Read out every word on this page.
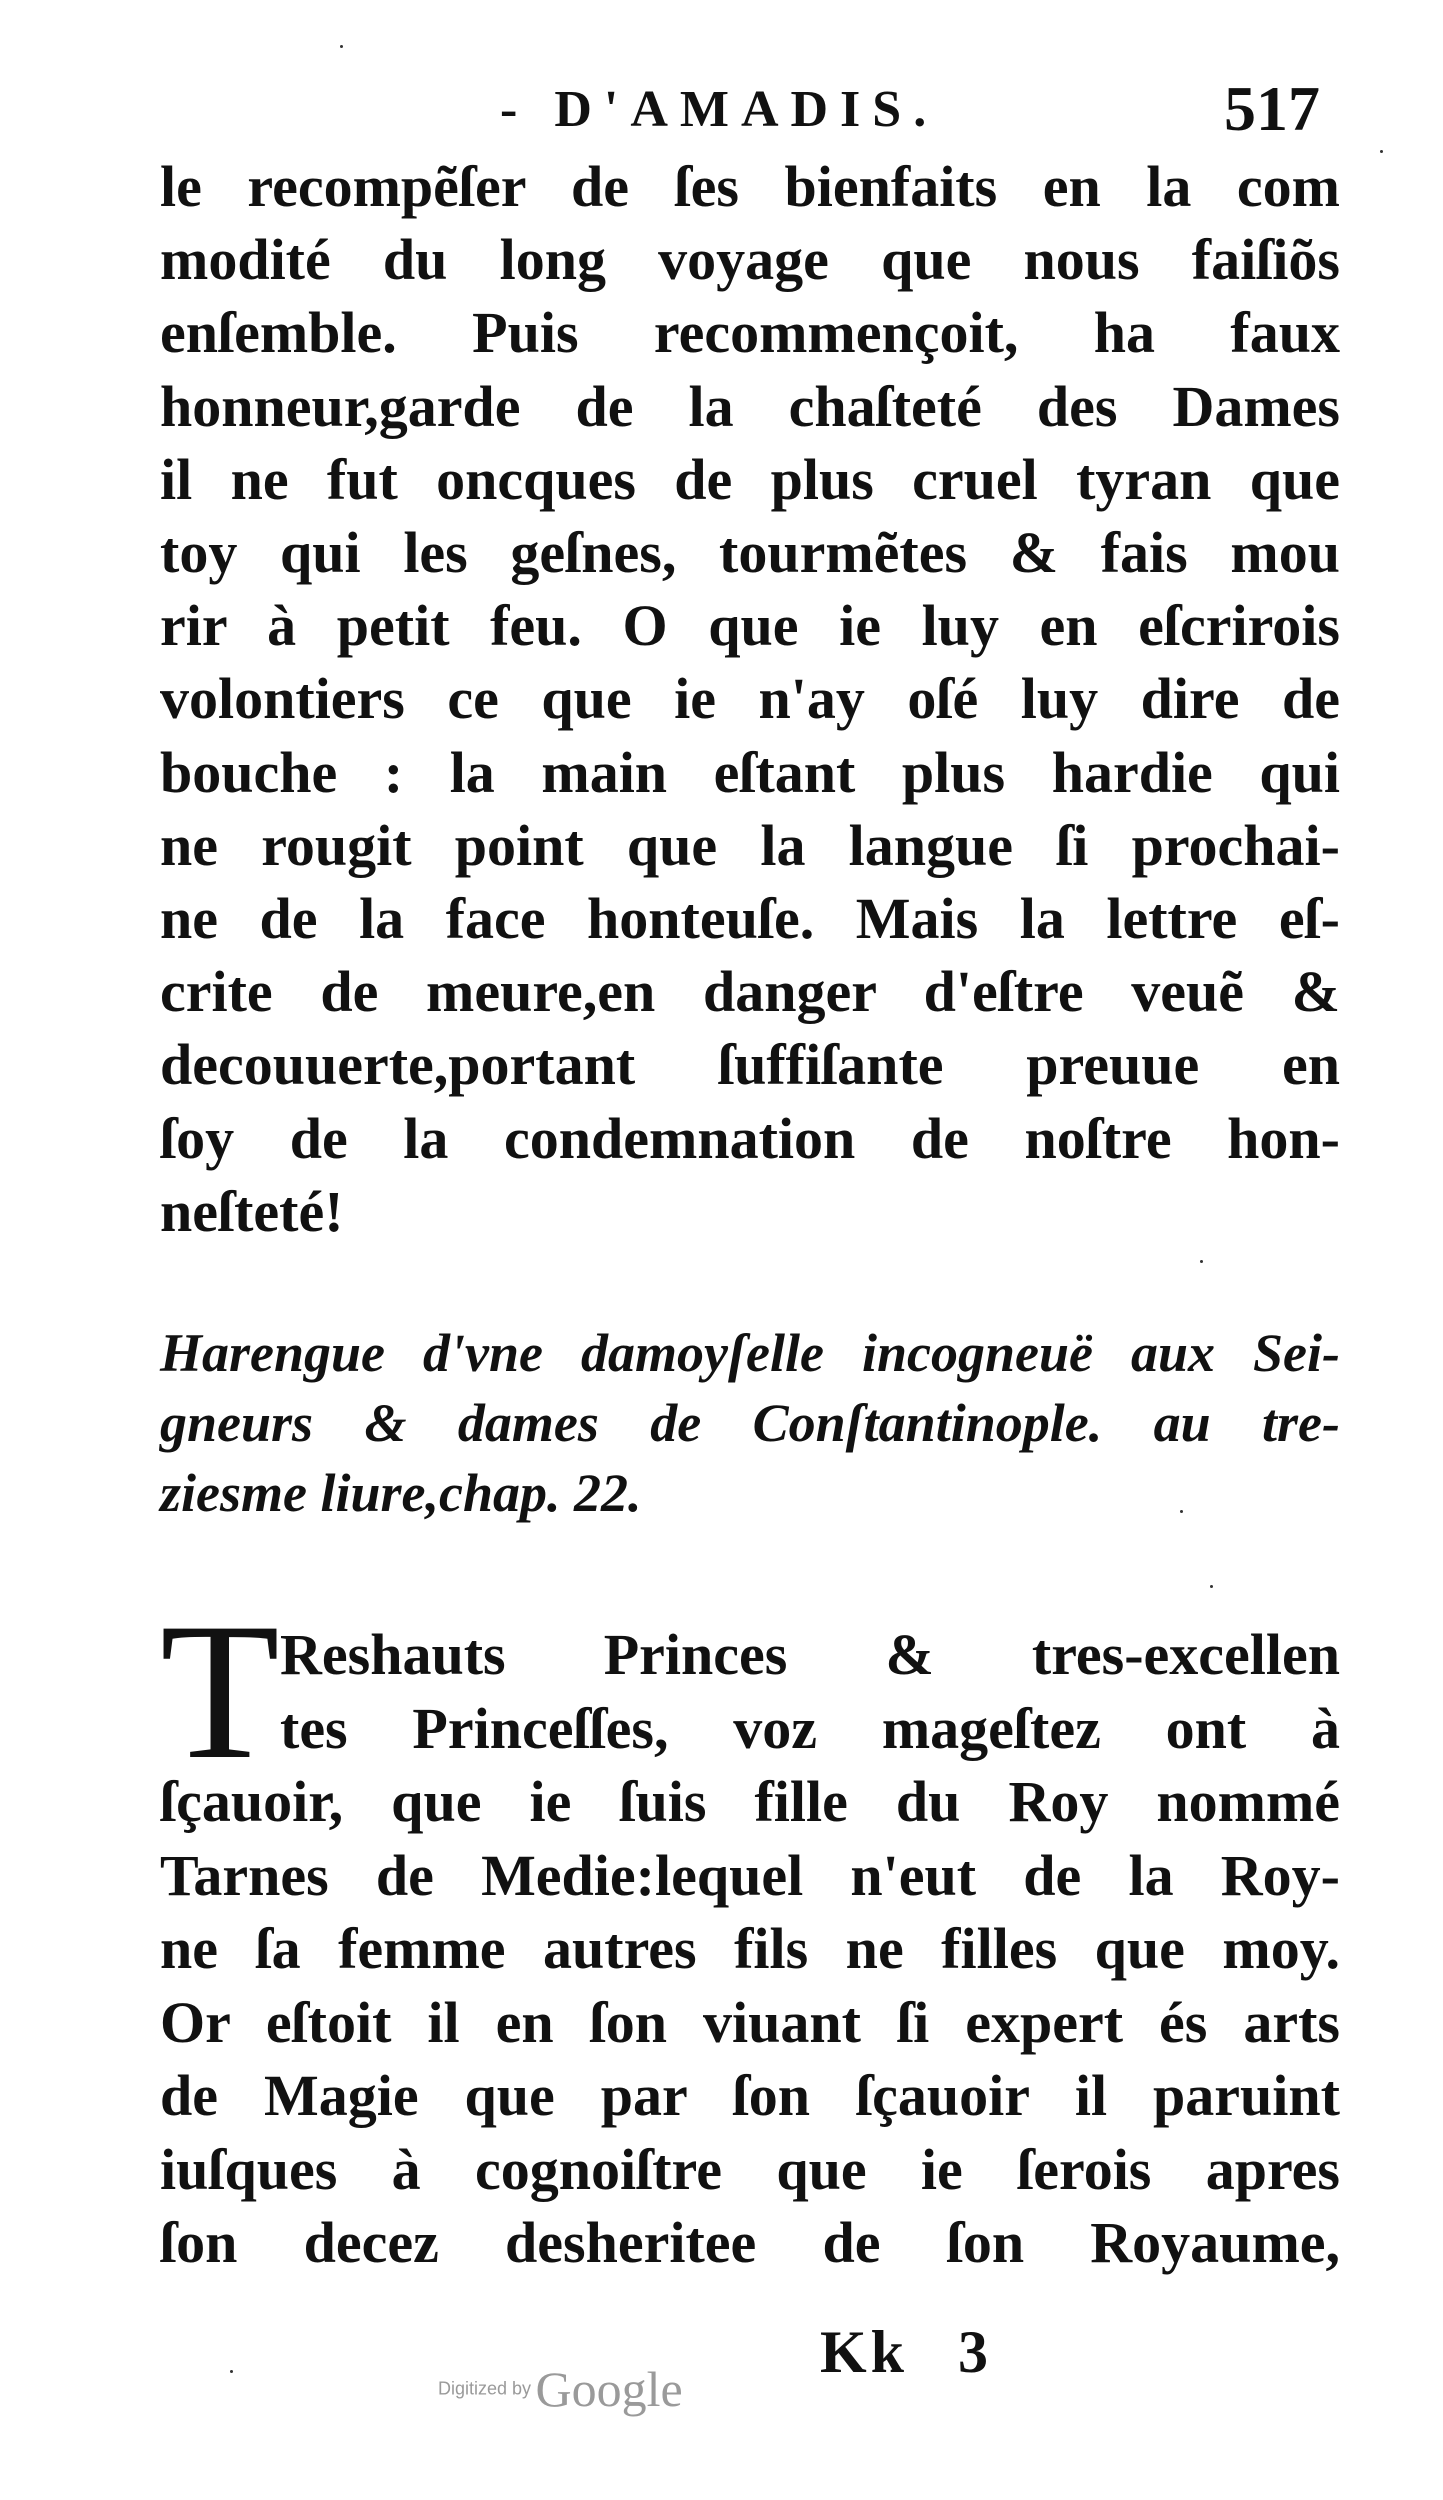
- D'AMADIS.	517
le recompẽſer de ſes bienfaits en la com
modité du long voyage que nous faiſiõs
enſemble. Puis recommençoit, ha faux
honneur,garde de la chaſteté des Dames
il ne fut oncques de plus cruel tyran que
toy qui les geſnes, tourmẽtes & fais mou
rir à petit feu. O que ie luy en eſcrirois
volontiers ce que ie n'ay oſé luy dire de
bouche : la main eſtant plus hardie qui
ne rougit point que la langue ſi prochai-
ne de la face honteuſe. Mais la lettre eſ-
crite de meure,en danger d'eſtre veuẽ &
decouuerte,portant ſuffiſante preuue en
ſoy de la condemnation de noſtre hon-
neſteté!
Harengue d'vne damoyſelle incogneuë aux Sei-
gneurs & dames de Conſtantinople. au tre-
ziesme liure,chap. 22.
T Reshauts Princes & tres-excellen
tes Princeſſes, voz mageſtez ont à
ſçauoir, que ie ſuis fille du Roy nommé
Tarnes de Medie:lequel n'eut de la Roy-
ne ſa femme autres fils ne filles que moy.
Or eſtoit il en ſon viuant ſi expert és arts
de Magie que par ſon ſçauoir il paruint
iuſques à cognoiſtre que ie ſerois apres
ſon decez desheritee de ſon Royaume,
Kk 3
Digitized by Google
